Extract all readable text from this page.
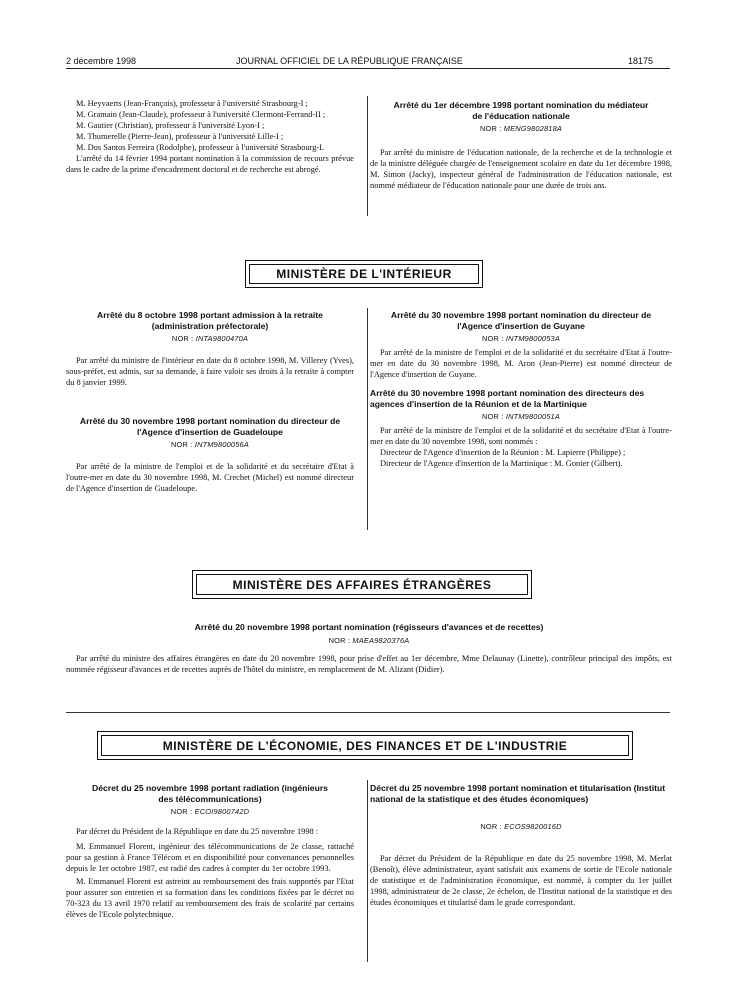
2 décembre 1998	JOURNAL OFFICIEL DE LA RÉPUBLIQUE FRANÇAISE	18175

M. Heyvaerts (Jean-François), professeur à l'université Strasbourg-I ;

M. Gramain (Jean-Claude), professeur à l'université Clermont-Ferrand-II ;

M. Gautier (Christian), professeur à l'université Lyon-I ;

M. Thumerelle (Pierre-Jean), professeur à l'université Lille-I ;

M. Dos Santos Ferreira (Rodolphe), professeur à l'université Strasbourg-I.

L'arrêté du 14 février 1994 portant nomination à la commission de recours prévue dans le cadre de la prime d'encadrement doctoral et de recherche est abrogé.

Arrêté du 1er décembre 1998 portant nomination du médiateur de l'éducation nationale
NOR : MENG9802818A

Par arrêté du ministre de l'éducation nationale, de la recherche et de la technologie et de la ministre déléguée chargée de l'enseignement scolaire en date du 1er décembre 1998, M. Simon (Jacky), inspecteur général de l'administration de l'éducation nationale, est nommé médiateur de l'éducation nationale pour une durée de trois ans.

MINISTÈRE DE L'INTÉRIEUR
Arrêté du 8 octobre 1998 portant admission à la retraite (administration préfectorale)
NOR : INTA9800470A

Par arrêté du ministre de l'intérieur en date du 8 octobre 1998, M. Villerey (Yves), sous-préfet, est admis, sur sa demande, à faire valoir ses droits à la retraite à compter du 8 janvier 1999.

Arrêté du 30 novembre 1998 portant nomination du directeur de l'Agence d'insertion de Guadeloupe
NOR : INTM9800056A

Par arrêté de la ministre de l'emploi et de la solidarité et du secrétaire d'Etat à l'outre-mer en date du 30 novembre 1998, M. Crechet (Michel) est nommé directeur de l'Agence d'insertion de Guadeloupe.

Arrêté du 30 novembre 1998 portant nomination du directeur de l'Agence d'insertion de Guyane
NOR : INTM9800053A

Par arrêté de la ministre de l'emploi et de la solidarité et du secrétaire d'Etat à l'outre-mer en date du 30 novembre 1998, M. Aron (Jean-Pierre) est nommé directeur de l'Agence d'insertion de Guyane.

Arrêté du 30 novembre 1998 portant nomination des directeurs des agences d'insertion de la Réunion et de la Martinique
NOR : INTM9800051A

Par arrêté de la ministre de l'emploi et de la solidarité et du secrétaire d'Etat à l'outre-mer en date du 30 novembre 1998, sont nommés :

Directeur de l'Agence d'insertion de la Réunion : M. Lapierre (Philippe) ;

Directeur de l'Agence d'insertion de la Martinique : M. Gonier (Gilbert).

MINISTÈRE DES AFFAIRES ÉTRANGÈRES
Arrêté du 20 novembre 1998 portant nomination (régisseurs d'avances et de recettes)
NOR : MAEA9820376A

Par arrêté du ministre des affaires étrangères en date du 20 novembre 1998, pour prise d'effet au 1er décembre, Mme Delaunay (Linette), contrôleur principal des impôts, est nommée régisseur d'avances et de recettes auprès de l'hôtel du ministre, en remplacement de M. Alizant (Didier).

MINISTÈRE DE L'ÉCONOMIE, DES FINANCES ET DE L'INDUSTRIE
Décret du 25 novembre 1998 portant radiation (ingénieurs des télécommunications)
NOR : ECOI9800742D

Par décret du Président de la République en date du 25 novembre 1998 :

M. Emmanuel Florent, ingénieur des télécommunications de 2e classe, rattaché pour sa gestion à France Télécom et en disponibilité pour convenances personnelles depuis le 1er octobre 1987, est radié des cadres à compter du 1er octobre 1993.

M. Emmanuel Florent est astreint au remboursement des frais supportés par l'Etat pour assurer son entretien et sa formation dans les conditions fixées par le décret no 70-323 du 13 avril 1970 relatif au remboursement des frais de scolarité par certains élèves de l'Ecole polytechnique.

Décret du 25 novembre 1998 portant nomination et titularisation (Institut national de la statistique et des études économiques)
NOR : ECOS9820016D

Par décret du Président de la République en date du 25 novembre 1998, M. Merlat (Benoît), élève administrateur, ayant satisfait aux examens de sortie de l'Ecole nationale de statistique et de l'administration économique, est nommé, à compter du 1er juillet 1998, administrateur de 2e classe, 2e échelon, de l'Institut national de la statistique et des études économiques et titularisé dans le grade correspondant.
